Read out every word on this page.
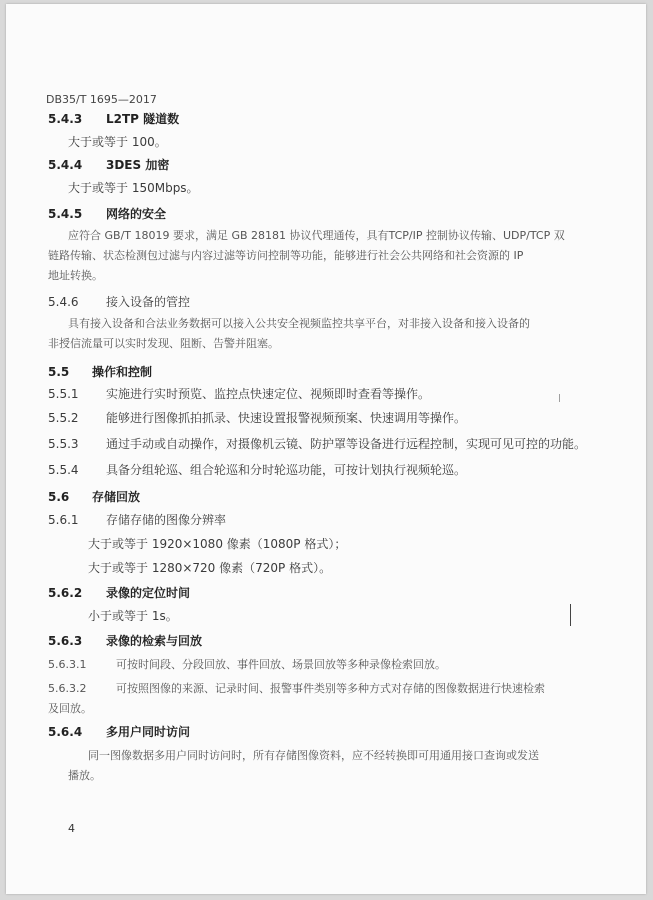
DB35/T 1695—2017
5.4.3 L2TP 隧道数
大于或等于 100。
5.4.4 3DES 加密
大于或等于 150Mbps。
5.4.5 网络的安全
应符合 GB/T 18019 要求，满足 GB 28181 协议代理通传，具有TCP/IP 控制协议传输、UDP/TCP 双
链路传输、状态检测包过滤与内容过滤等访问控制等功能，能够进行社会公共网络和社会资源的 IP
地址转换。
5.4.6 接入设备的管控
具有接入设备和合法业务数据可以接入公共安全视频监控共享平台，对非接入设备和接入设备的
非授信流量可以实时发现、阻断、告警并阻塞。
5.5 操作和控制
5.5.1 实施进行实时预览、监控点快速定位、视频即时查看等操作。
5.5.2 能够进行图像抓拍抓录、快速设置报警视频预案、快速调用等操作。
5.5.3 通过手动或自动操作，对摄像机云镜、防护罩等设备进行远程控制，实现可见可控的功能。
5.5.4 具备分组轮巡、组合轮巡和分时轮巡功能，可按计划执行视频轮巡。
5.6 存储回放
5.6.1 存储存储的图像分辨率
大于或等于 1920×1080 像素（1080P 格式）；
大于或等于 1280×720 像素（720P 格式）。
5.6.2 录像的定位时间
小于或等于 1s。
5.6.3 录像的检索与回放
5.6.3.1	可按时间段、分段回放、事件回放、场景回放等多种录像检索回放。
5.6.3.2	可按照图像的来源、记录时间、报警事件类别等多种方式对存储的图像数据进行快速检索
及回放。
5.6.4 多用户同时访问
同一图像数据多用户同时访问时，所有存储图像资料，应不经转换即可用通用接口查询或发送
播放。
4
